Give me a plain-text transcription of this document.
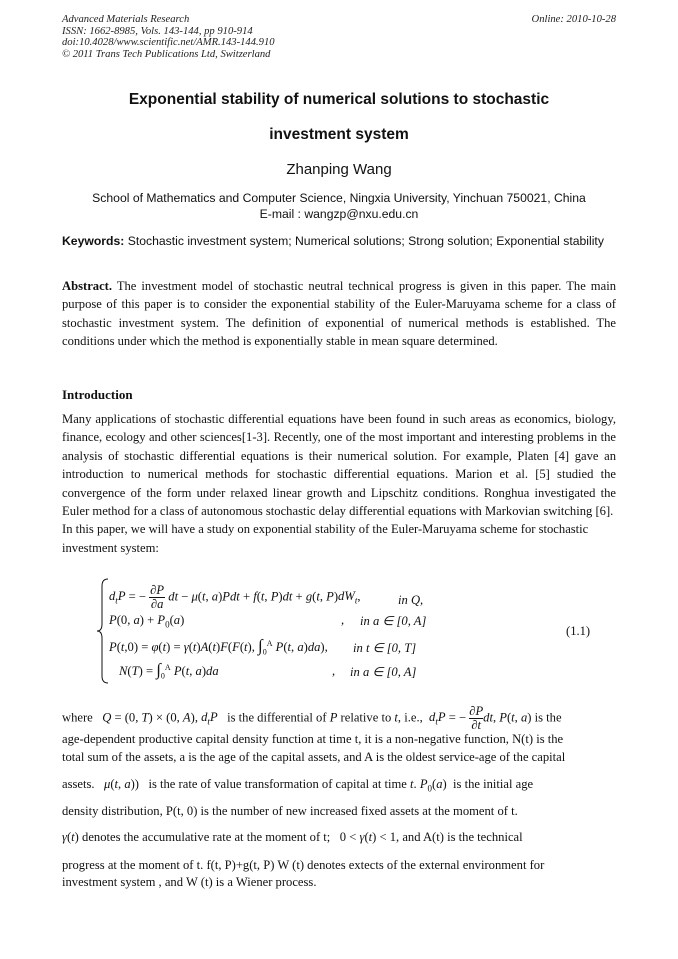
Advanced Materials Research
ISSN: 1662-8985, Vols. 143-144, pp 910-914
doi:10.4028/www.scientific.net/AMR.143-144.910
© 2011 Trans Tech Publications Ltd, Switzerland
Online: 2010-10-28
Exponential stability of numerical solutions to stochastic
investment system
Zhanping Wang
School of Mathematics and Computer Science, Ningxia University, Yinchuan 750021, China
E-mail : wangzp@nxu.edu.cn
Keywords: Stochastic investment system; Numerical solutions; Strong solution; Exponential stability
Abstract. The investment model of stochastic neutral technical progress is given in this paper. The main purpose of this paper is to consider the exponential stability of the Euler-Maruyama scheme for a class of stochastic investment system. The definition of exponential of numerical methods is established. The conditions under which the method is exponentially stable in mean square determined.
Introduction

Many applications of stochastic differential equations have been found in such areas as economics, biology, finance, ecology and other sciences[1-3]. Recently, one of the most important and interesting problems in the analysis of stochastic differential equations is their numerical solution. For example, Platen [4] gave an introduction to numerical methods for stochastic differential equations. Marion et al. [5] studied the convergence of the form under relaxed linear growth and Lipschitz conditions. Ronghua investigated the Euler method for a class of autonomous stochastic delay differential equations with Markovian switching [6].

In this paper, we will have a study on exponential stability of the Euler-Maruyama scheme for stochastic investment system:

$d_tP$ = − $\frac{\partial P}{\partial a}$ dt − μ(t, a)Pdt + f(t, P)dt + g(t, $P)dW_t$,	in Q,
P(0, $a) + P_0(a)$	, in a ∈ [0, A]
P(t,0) = φ(t) = γ(t)A(t)F(F(t), $\int_0^A$ P(t, a)da), in t ∈ [0, T]
$N(T) = \int_0^A$ P(t, a)da	, in a ∈ [0, A]
(1.1)
where Q = (0, T) × (0, A), $d_tP$ is the differential of P relative to t, i.e., $d_tP$ = − $\frac{\partial P}{\partial t}$ dt, P(t, a) is the
age-dependent productive capital density function at time t, it is a non-negative function, N(t) is the
total sum of the assets, a is the age of the capital assets, and A is the oldest service-age of the capital
assets. μ(t, a))   is the rate of value transformation of capital at time t. $P_0(a)$  is the initial age
density distribution, P(t, 0) is the number of new increased fixed assets at the moment of t.
γ(t) denotes the accumulative rate at the moment of t;   0 < γ(t) < 1, and A(t) is the technical
progress at the moment of t. f(t, P)+g(t, P) W (t) denotes extects of the external environment for
investment system , and W (t) is a Wiener process.
